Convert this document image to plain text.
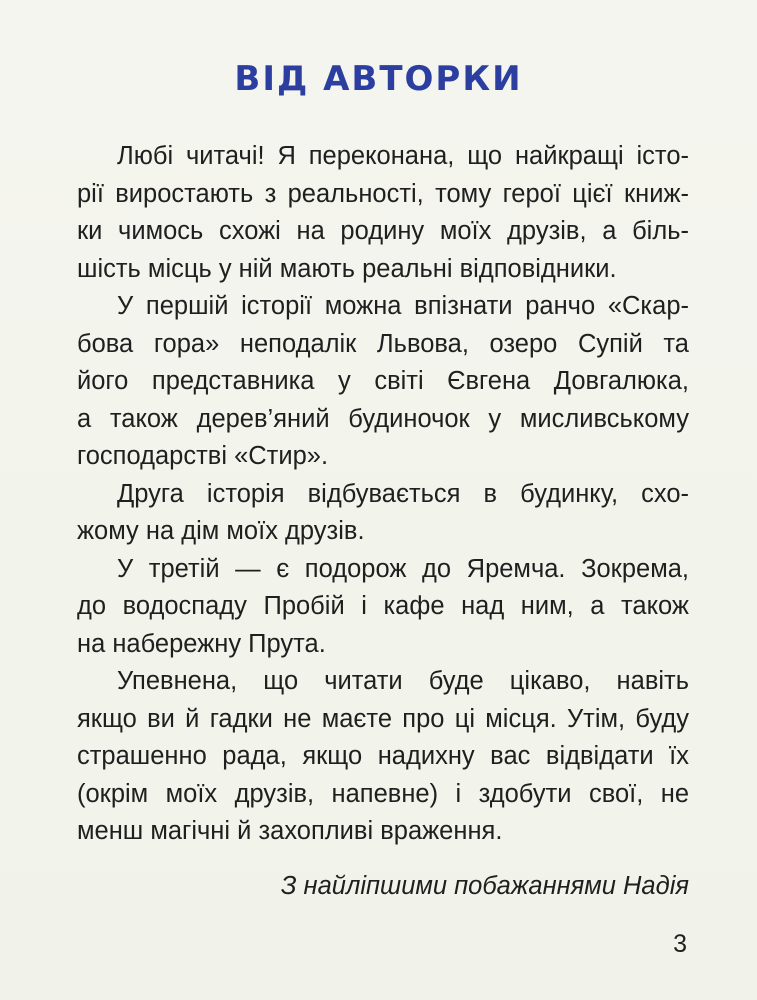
ВІД АВТОРКИ
Любі читачі! Я переконана, що найкращі істо-
рії виростають з реальності, тому герої цієї книж-
ки чимось схожі на родину моїх друзів, а біль-
шість місць у ній мають реальні відповідники.
У першій історії можна впізнати ранчо «Скар-
бова гора» неподалік Львова, озеро Супій та
його представника у світі Євгена Довгалюка,
а також дерев’яний будиночок у мисливському
господарстві «Стир».
Друга історія відбувається в будинку, схо-
жому на дім моїх друзів.
У третій — є подорож до Яремча. Зокрема,
до водоспаду Пробій і кафе над ним, а також
на набережну Прута.
Упевнена, що читати буде цікаво, навіть
якщо ви й гадки не маєте про ці місця. Утім, буду
страшенно рада, якщо надихну вас відвідати їх
(окрім моїх друзів, напевне) і здобути свої, не
менш магічні й захопливі враження.
З найліпшими побажаннями Надія
3
